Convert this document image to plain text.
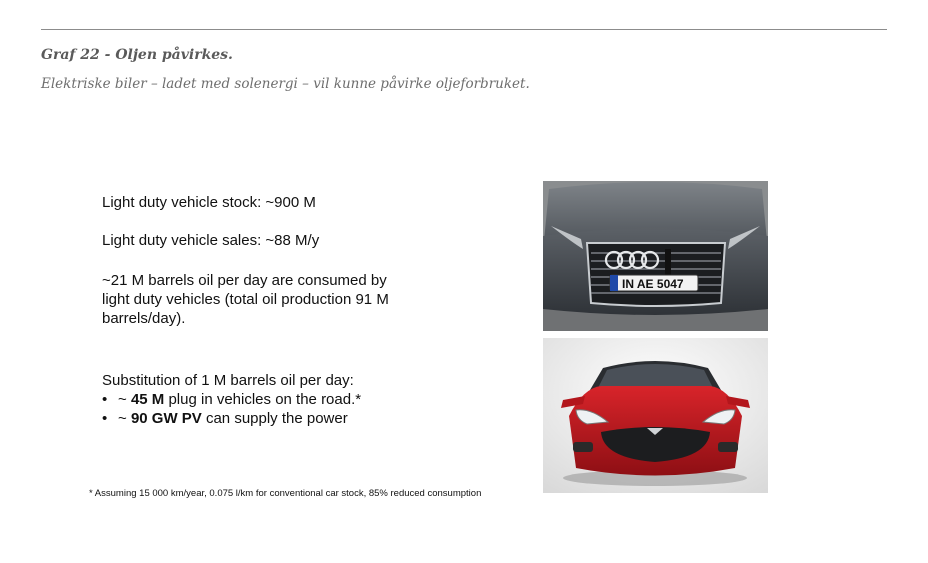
Graf 22 - Oljen påvirkes.

Elektriske biler – ladet med solenergi – vil kunne påvirke oljeforbruket.

Light duty vehicle stock: ~900 M

Light duty vehicle sales: ~88 M/y

~21 M barrels oil per day are consumed by light duty vehicles (total oil production 91 M barrels/day).

Substitution of 1 M barrels oil per day:

• ~ 45 M plug in vehicles on the road.*
• ~ 90 GW PV can supply the power

* Assuming 15 000 km/year, 0.075 l/km for conventional car stock, 85% reduced consumption

IN AE 5047
